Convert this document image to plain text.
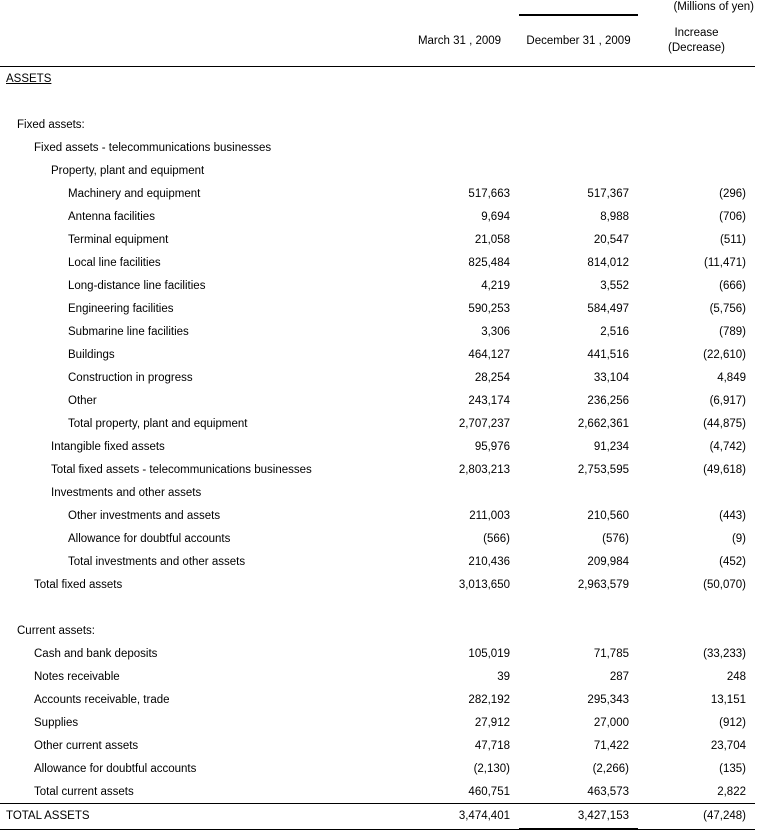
(Millions of yen)
	March 31 , 2009	December 31 , 2009	Increase
(Decrease)

ASSETS			

Fixed assets:			
Fixed assets - telecommunications businesses			
Property, plant and equipment			
Machinery and equipment	517,663	517,367	(296)
Antenna facilities	9,694	8,988	(706)
Terminal equipment	21,058	20,547	(511)
Local line facilities	825,484	814,012	(11,471)
Long-distance line facilities	4,219	3,552	(666)
Engineering facilities	590,253	584,497	(5,756)
Submarine line facilities	3,306	2,516	(789)
Buildings	464,127	441,516	(22,610)
Construction in progress	28,254	33,104	4,849
Other	243,174	236,256	(6,917)
Total property, plant and equipment	2,707,237	2,662,361	(44,875)
Intangible fixed assets	95,976	91,234	(4,742)
Total fixed assets - telecommunications businesses	2,803,213	2,753,595	(49,618)
Investments and other assets			
Other investments and assets	211,003	210,560	(443)
Allowance for doubtful accounts	(566)	(576)	(9)
Total investments and other assets	210,436	209,984	(452)
Total fixed assets	3,013,650	2,963,579	(50,070)

Current assets:			
Cash and bank deposits	105,019	71,785	(33,233)
Notes receivable	39	287	248
Accounts receivable, trade	282,192	295,343	13,151
Supplies	27,912	27,000	(912)
Other current assets	47,718	71,422	23,704
Allowance for doubtful accounts	(2,130)	(2,266)	(135)
Total current assets	460,751	463,573	2,822
TOTAL ASSETS	3,474,401	3,427,153	(47,248)
